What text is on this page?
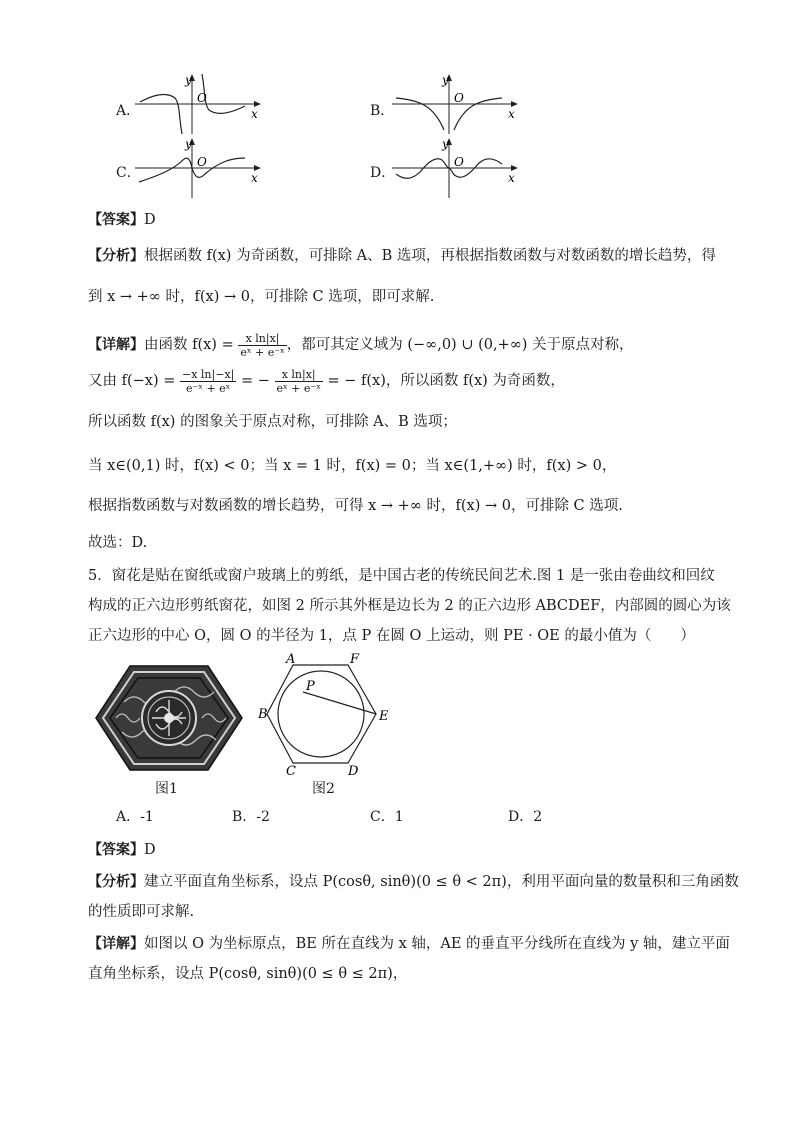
A．
y
O
x	B．
y
O
x
C．
y
O
x	D．
y
O
x
【答案】D
【分析】根据函数 f(x) 为奇函数，可排除 A、B 选项，再根据指数函数与对数函数的增长趋势，得
到 x → +∞ 时，f(x) → 0，可排除 C 选项，即可求解.
【详解】由函数 $f(x) = \frac{\text{x ln|x|}}{\text{eˣ + e⁻ˣ}}$ ，都可其定义域为 (−∞,0) ∪ (0,+∞) 关于原点对称，
又由 $f(-x) = \frac{\text{−x ln|−x|}}{\text{e⁻ˣ + eˣ}}$ = − $\frac{\text{x ln|x|}}{\text{eˣ + e⁻ˣ}}$ = − f(x)，所以函数 f(x) 为奇函数，
所以函数 f(x) 的图象关于原点对称，可排除 A、B 选项；
当 x∈(0,1) 时，f(x) < 0；当 x = 1 时，f(x) = 0；当 x∈(1,+∞) 时，f(x) > 0，
根据指数函数与对数函数的增长趋势，可得 x → +∞ 时，f(x) → 0，可排除 C 选项.
故选：D.
5．窗花是贴在窗纸或窗户玻璃上的剪纸，是中国古老的传统民间艺术.图 1 是一张由卷曲纹和回纹
构成的正六边形剪纸窗花，如图 2 所示其外框是边长为 2 的正六边形 ABCDEF，内部圆的圆心为该
正六边形的中心 O，圆 O 的半径为 1，点 P 在圆 O 上运动，则 PE · OE 的最小值为（　　）
图1
A	F
B	E
C	D
P
图2
A．-1	B．-2	C．1	D．2
【答案】D
【分析】建立平面直角坐标系，设点 P(cosθ, sinθ)(0 ≤ θ < 2π)，利用平面向量的数量积和三角函数
的性质即可求解.
【详解】如图以 O 为坐标原点，BE 所在直线为 x 轴，AE 的垂直平分线所在直线为 y 轴，建立平面
直角坐标系，设点 P(cosθ, sinθ)(0 ≤ θ ≤ 2π)，
